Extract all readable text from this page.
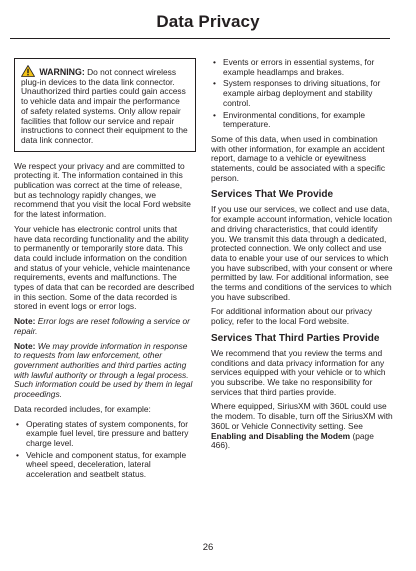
Data Privacy
WARNING: Do not connect wireless plug-in devices to the data link connector. Unauthorized third parties could gain access to vehicle data and impair the performance of safety related systems. Only allow repair facilities that follow our service and repair instructions to connect their equipment to the data link connector.

We respect your privacy and are committed to protecting it. The information contained in this publication was correct at the time of release, but as technology rapidly changes, we recommend that you visit the local Ford website for the latest information.

Your vehicle has electronic control units that have data recording functionality and the ability to permanently or temporarily store data. This data could include information on the condition and status of your vehicle, vehicle maintenance requirements, events and malfunctions. The types of data that can be recorded are described in this section. Some of the data recorded is stored in event logs or error logs.

Note: Error logs are reset following a service or repair.

Note: We may provide information in response to requests from law enforcement, other government authorities and third parties acting with lawful authority or through a legal process. Such information could be used by them in legal proceedings.

Data recorded includes, for example:

• Operating states of system components, for example fuel level, tire pressure and battery charge level.
• Vehicle and component status, for example wheel speed, deceleration, lateral acceleration and seatbelt status.
• Events or errors in essential systems, for example headlamps and brakes.
• System responses to driving situations, for example airbag deployment and stability control.
• Environmental conditions, for example temperature.

Some of this data, when used in combination with other information, for example an accident report, damage to a vehicle or eyewitness statements, could be associated with a specific person.

Services That We Provide

If you use our services, we collect and use data, for example account information, vehicle location and driving characteristics, that could identify you. We transmit this data through a dedicated, protected connection. We only collect and use data to enable your use of our services to which you have subscribed, with your consent or where permitted by law. For additional information, see the terms and conditions of the services to which you have subscribed.

For additional information about our privacy policy, refer to the local Ford website.

Services That Third Parties Provide

We recommend that you review the terms and conditions and data privacy information for any services equipped with your vehicle or to which you subscribe. We take no responsibility for services that third parties provide.

Where equipped, SiriusXM with 360L could use the modem. To disable, turn off the SiriusXM with 360L or Vehicle Connectivity setting. See Enabling and Disabling the Modem (page 466).

26
